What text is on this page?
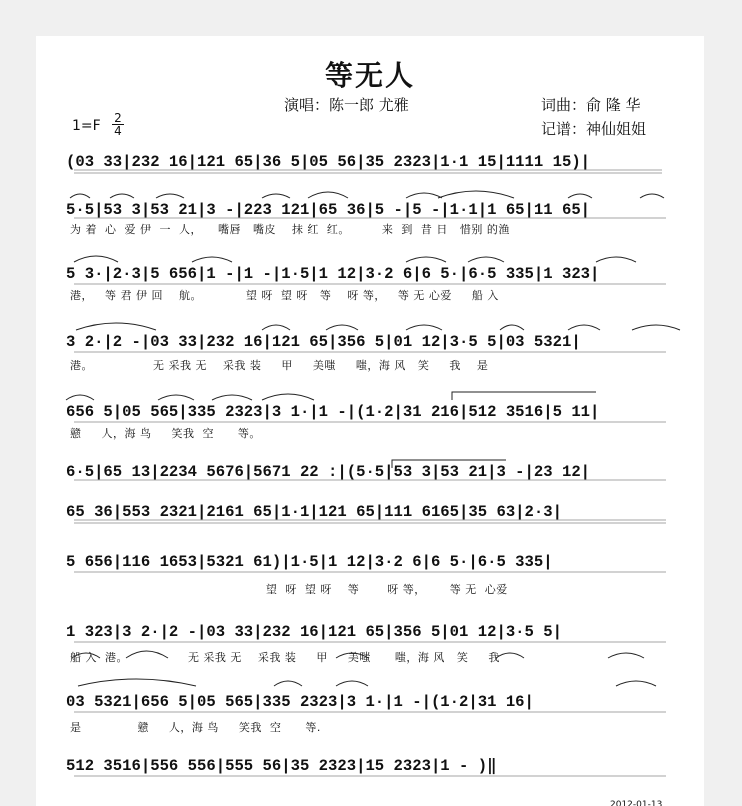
等无人
演唱：陈一郎 尤雅	词曲：俞 隆 华
记谱：神仙姐姐
1=F 2
4
(03 33|232 16|121 65|36 5|05 56|35 2323|1·1 15|1111 15)|
5·5|53 3|53 21|3 -|223 121|65 36|5 -|5 -|1·1|1 65|11 65|
为 着  心  爱 伊  一  人，    嘴唇   嘴皮    抹 红  红。        来  到  昔 日   惜别 的渔
5 3·|2·3|5 656|1 -|1 -|1·5|1 12|3·2 6|6 5·|6·5 335|1 323|
港，   等 君 伊 回    航。           望 呀  望 呀   等    呀 等，   等 无 心爱     船 入
3 2·|2 -|03 33|232 16|121 65|356 5|01 12|3·5 5|03 5321|
港。               无 采我 无    采我 装     甲     美嗤     嗤，海 风   笑     我    是
656 5|05 565|335 2323|3 1·|1 -|(1·2|31 216|512 3516|5 11|
戆     人，海 鸟     笑我  空      等。
6·5|65 13|2234 5676|5671 22 :|(5·5|53 3|53 21|3 -|23 12|
65 36|553 2321|2161 65|1·1|121 65|111 6165|35 63|2·3|
5 656|116 1653|5321 61)|1·5|1 12|3·2 6|6 5·|6·5 335|
望  呀  望 呀    等       呀 等，      等 无  心爱
1 323|3 2·|2 -|03 33|232 16|121 65|356 5|01 12|3·5 5|
船 入  港。               无 采我 无    采我 装     甲     美嗤      嗤，海 风   笑     我
03 5321|656 5|05 565|335 2323|3 1·|1 -|(1·2|31 16|
是              戆     人，海 鸟     笑我  空      等.
512 3516|556 556|555 56|35 2323|15 2323|1 - )‖
2012-01-13
